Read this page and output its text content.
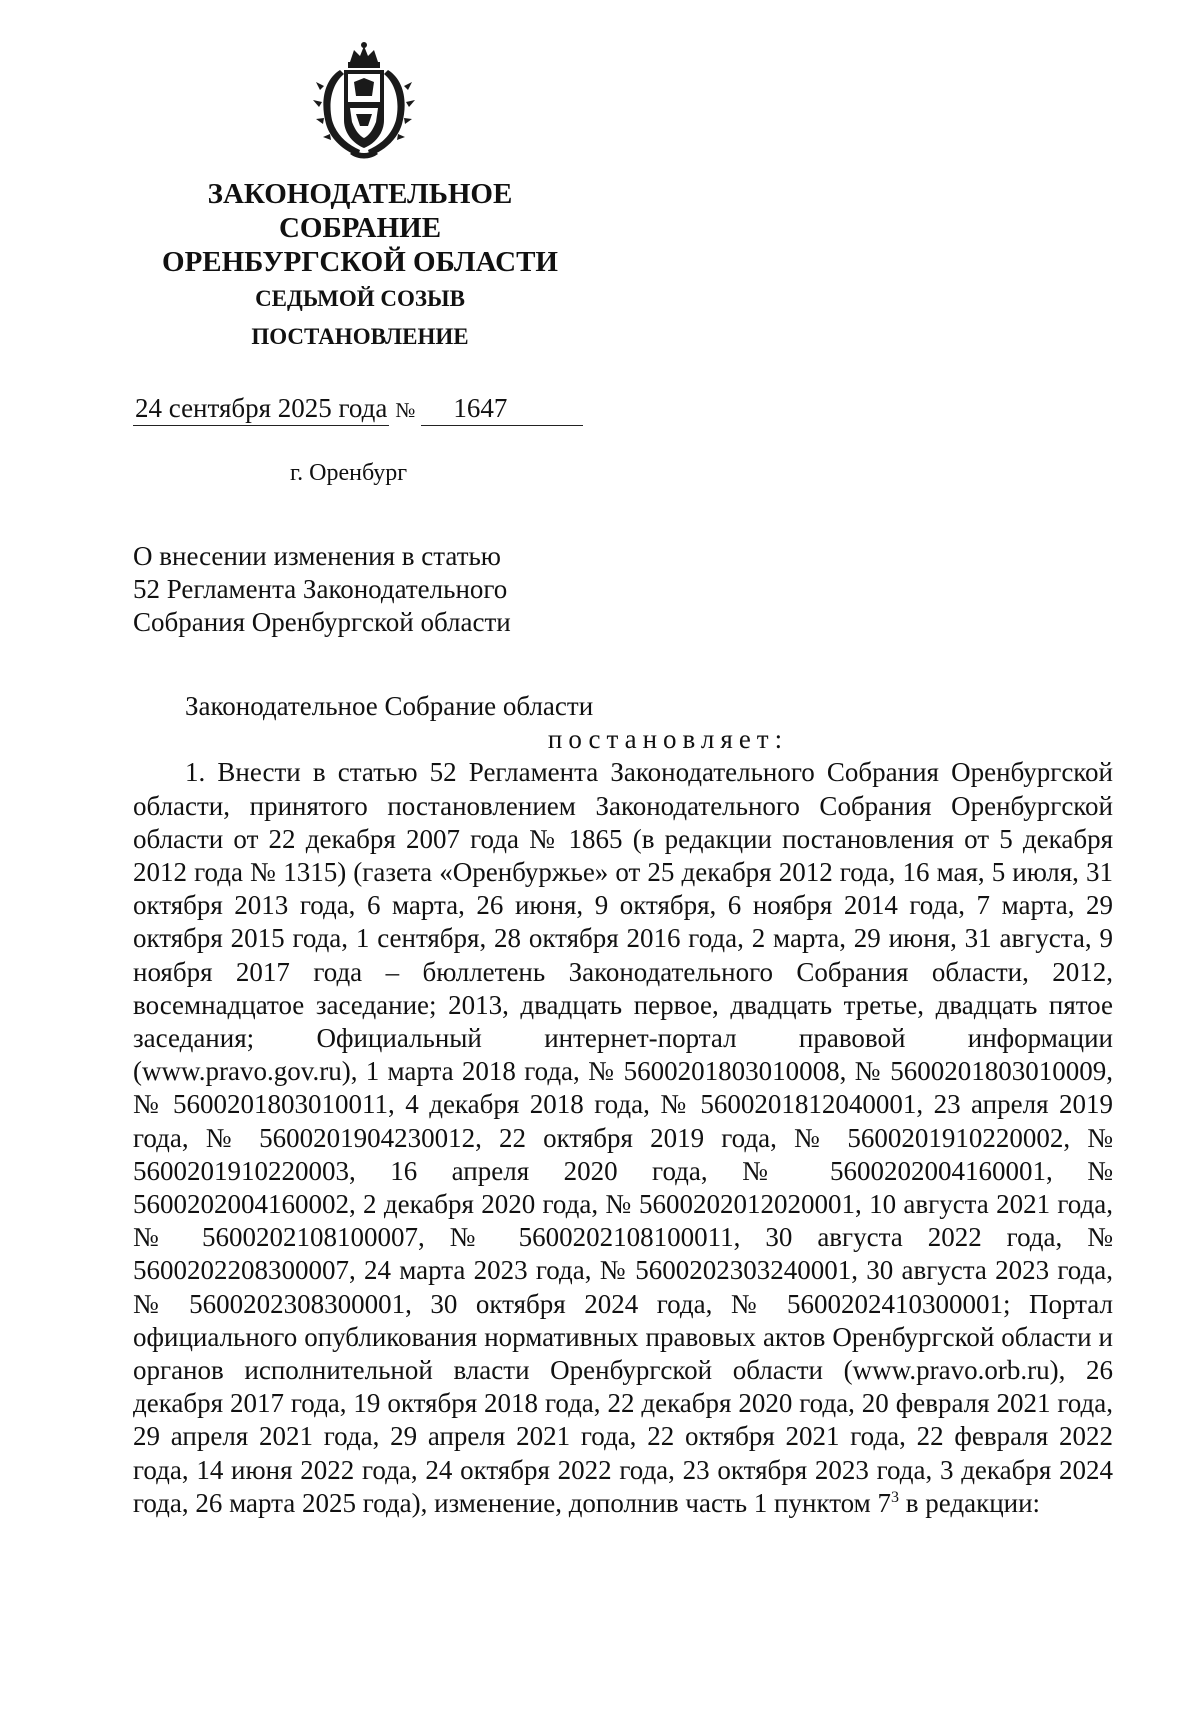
ЗАКОНОДАТЕЛЬНОЕ
СОБРАНИЕ
ОРЕНБУРГСКОЙ ОБЛАСТИ
СЕДЬМОЙ СОЗЫВ
ПОСТАНОВЛЕНИЕ
24 сентября 2025 года № 1647
г. Оренбург
О внесении изменения в статью
52 Регламента Законодательного
Собрания Оренбургской области
Законодательное Собрание области
постановляет:

1. Внести в статью 52 Регламента Законодательного Собрания Оренбургской области, принятого постановлением Законодательного Собрания Оренбургской области от 22 декабря 2007 года № 1865 (в редакции постановления от 5 декабря 2012 года № 1315) (газета «Оренбуржье» от 25 декабря 2012 года, 16 мая, 5 июля, 31 октября 2013 года, 6 марта, 26 июня, 9 октября, 6 ноября 2014 года, 7 марта, 29 октября 2015 года, 1 сентября, 28 октября 2016 года, 2 марта, 29 июня, 31 августа, 9 ноября 2017 года – бюллетень Законодательного Собрания области, 2012, восемнадцатое заседание; 2013, двадцать первое, двадцать третье, двадцать пятое заседания; Официальный интернет-портал правовой информации (www.pravo.gov.ru), 1 марта 2018 года, № 5600201803010008, № 5600201803010009, № 5600201803010011, 4 декабря 2018 года, № 5600201812040001, 23 апреля 2019 года, № 5600201904230012, 22 октября 2019 года, № 5600201910220002, № 5600201910220003, 16 апреля 2020 года, № 5600202004160001, № 5600202004160002, 2 декабря 2020 года, № 5600202012020001, 10 августа 2021 года, № 5600202108100007, № 5600202108100011, 30 августа 2022 года, № 5600202208300007, 24 марта 2023 года, № 5600202303240001, 30 августа 2023 года, № 5600202308300001, 30 октября 2024 года, № 5600202410300001; Портал официального опубликования нормативных правовых актов Оренбургской области и органов исполнительной власти Оренбургской области (www.pravo.orb.ru), 26 декабря 2017 года, 19 октября 2018 года, 22 декабря 2020 года, 20 февраля 2021 года, 29 апреля 2021 года, 29 апреля 2021 года, 22 октября 2021 года, 22 февраля 2022 года, 14 июня 2022 года, 24 октября 2022 года, 23 октября 2023 года, 3 декабря 2024 года, 26 марта 2025 года), изменение, дополнив часть 1 пунктом $7^3$ в редакции:
